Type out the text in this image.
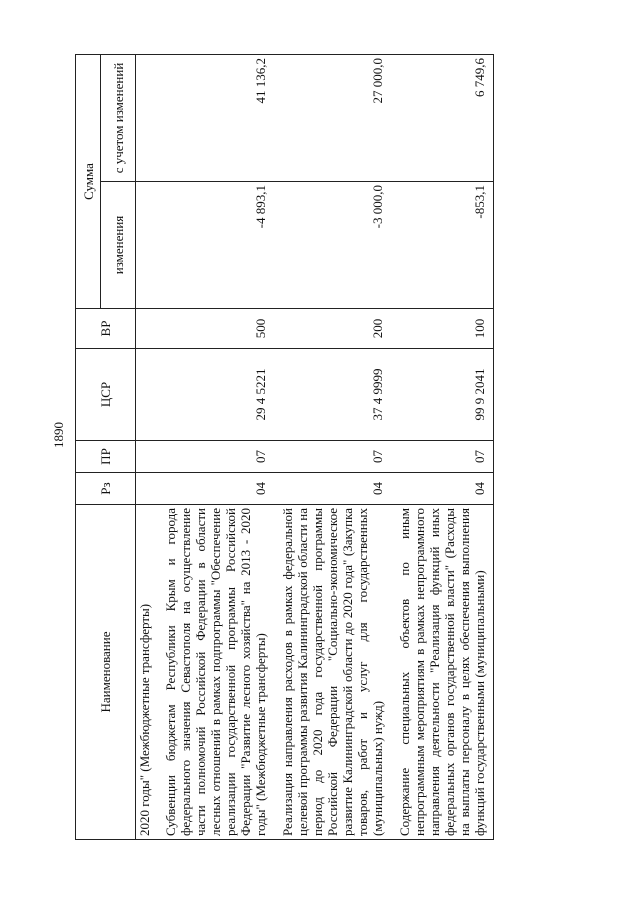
1890
Наименование	Рз	ПР	ЦСР	ВР	Сумма	
					изменения	с учетом изменений
2020 годы" (Межбюджетные трансферты)						
Субвенции бюджетам Республики Крым и города федерального значения Севастополя на осуществление части полномочий Российской Федерации в области лесных отношений в рамках подпрограммы "Обеспечение реализации государственной программы Российской Федерации "Развитие лесного хозяйства" на 2013 - 2020 годы" (Межбюджетные трансферты)	04	07	29 4 5221	500	-4 893,1	41 136,2
Реализация направления расходов в рамках федеральной целевой программы развития Калининградской области на период до 2020 года государственной программы Российской Федерации "Социально-экономическое развитие Калининградской области до 2020 года" (Закупка товаров, работ и услуг для государственных (муниципальных) нужд)	04	07	37 4 9999	200	-3 000,0	27 000,0
Содержание специальных объектов по иным непрограммным мероприятиям в рамках непрограммного направления деятельности "Реализация функций иных федеральных органов государственной власти" (Расходы на выплаты персоналу в целях обеспечения выполнения функций государственными (муниципальными)	04	07	99 9 2041	100	-853,1	6 749,6
